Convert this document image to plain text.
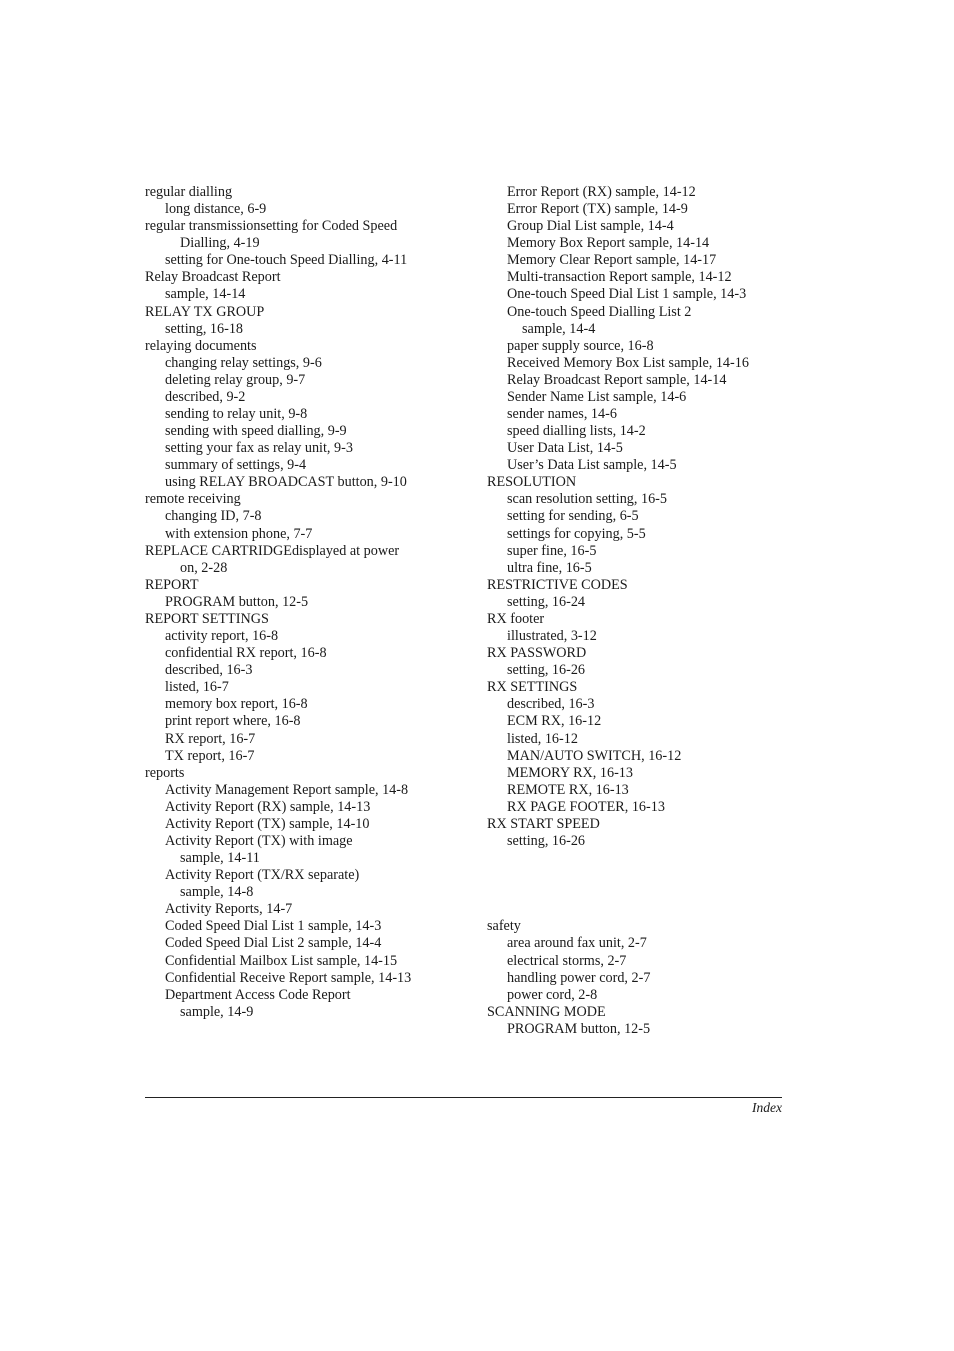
regular dialling
long distance, 6-9
regular transmissionsetting for Coded Speed
Dialling, 4-19
setting for One-touch Speed Dialling, 4-11
Relay Broadcast Report
sample, 14-14
RELAY TX GROUP
setting, 16-18
relaying documents
changing relay settings, 9-6
deleting relay group, 9-7
described, 9-2
sending to relay unit, 9-8
sending with speed dialling, 9-9
setting your fax as relay unit, 9-3
summary of settings, 9-4
using RELAY BROADCAST button, 9-10
remote receiving
changing ID, 7-8
with extension phone, 7-7
REPLACE CARTRIDGEdisplayed at power
on, 2-28
REPORT
PROGRAM button, 12-5
REPORT SETTINGS
activity report, 16-8
confidential RX report, 16-8
described, 16-3
listed, 16-7
memory box report, 16-8
print report where, 16-8
RX report, 16-7
TX report, 16-7
reports
Activity Management Report sample, 14-8
Activity Report (RX) sample, 14-13
Activity Report (TX) sample, 14-10
Activity Report (TX) with image
sample, 14-11
Activity Report (TX/RX separate)
sample, 14-8
Activity Reports, 14-7
Coded Speed Dial List 1 sample, 14-3
Coded Speed Dial List 2 sample, 14-4
Confidential Mailbox List sample, 14-15
Confidential Receive Report sample, 14-13
Department Access Code Report
sample, 14-9
Error Report (RX) sample, 14-12
Error Report (TX) sample, 14-9
Group Dial List sample, 14-4
Memory Box Report sample, 14-14
Memory Clear Report sample, 14-17
Multi-transaction Report sample, 14-12
One-touch Speed Dial List 1 sample, 14-3
One-touch Speed Dialling List 2
sample, 14-4
paper supply source, 16-8
Received Memory Box List sample, 14-16
Relay Broadcast Report sample, 14-14
Sender Name List sample, 14-6
sender names, 14-6
speed dialling lists, 14-2
User Data List, 14-5
User’s Data List sample, 14-5
RESOLUTION
scan resolution setting, 16-5
setting for sending, 6-5
settings for copying, 5-5
super fine, 16-5
ultra fine, 16-5
RESTRICTIVE CODES
setting, 16-24
RX footer
illustrated, 3-12
RX PASSWORD
setting, 16-26
RX SETTINGS
described, 16-3
ECM RX, 16-12
listed, 16-12
MAN/AUTO SWITCH, 16-12
MEMORY RX, 16-13
REMOTE RX, 16-13
RX PAGE FOOTER, 16-13
RX START SPEED
setting, 16-26
safety
area around fax unit, 2-7
electrical storms, 2-7
handling power cord, 2-7
power cord, 2-8
SCANNING MODE
PROGRAM button, 12-5
Index
